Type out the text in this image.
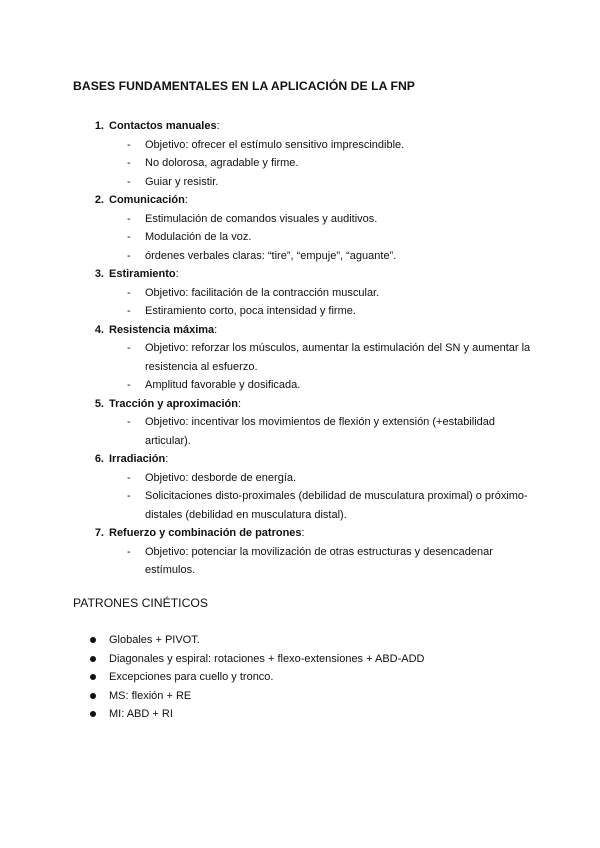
BASES FUNDAMENTALES EN LA APLICACIÓN DE LA FNP
1. Contactos manuales:
- Objetivo: ofrecer el estímulo sensitivo imprescindible.
- No dolorosa, agradable y firme.
- Guiar y resistir.
2. Comunicación:
- Estimulación de comandos visuales y auditivos.
- Modulación de la voz.
- órdenes verbales claras: “tire”, “empuje”, “aguante”.
3. Estiramiento:
- Objetivo: facilitación de la contracción muscular.
- Estiramiento corto, poca intensidad y firme.
4. Resistencia máxima:
- Objetivo: reforzar los músculos, aumentar la estimulación del SN y aumentar la resistencia al esfuerzo.
- Amplitud favorable y dosificada.
5. Tracción y aproximación:
- Objetivo: incentivar los movimientos de flexión y extensión (+estabilidad articular).
6. Irradiación:
- Objetivo: desborde de energía.
- Solicitaciones disto-proximales (debilidad de musculatura proximal) o próximo-distales (debilidad en musculatura distal).
7. Refuerzo y combinación de patrones:
- Objetivo: potenciar la movilización de otras estructuras y desencadenar estímulos.
PATRONES CINÉTICOS
Globales + PIVOT.
Diagonales y espiral: rotaciones + flexo-extensiones + ABD-ADD
Excepciones para cuello y tronco.
MS: flexión + RE
MI: ABD + RI
